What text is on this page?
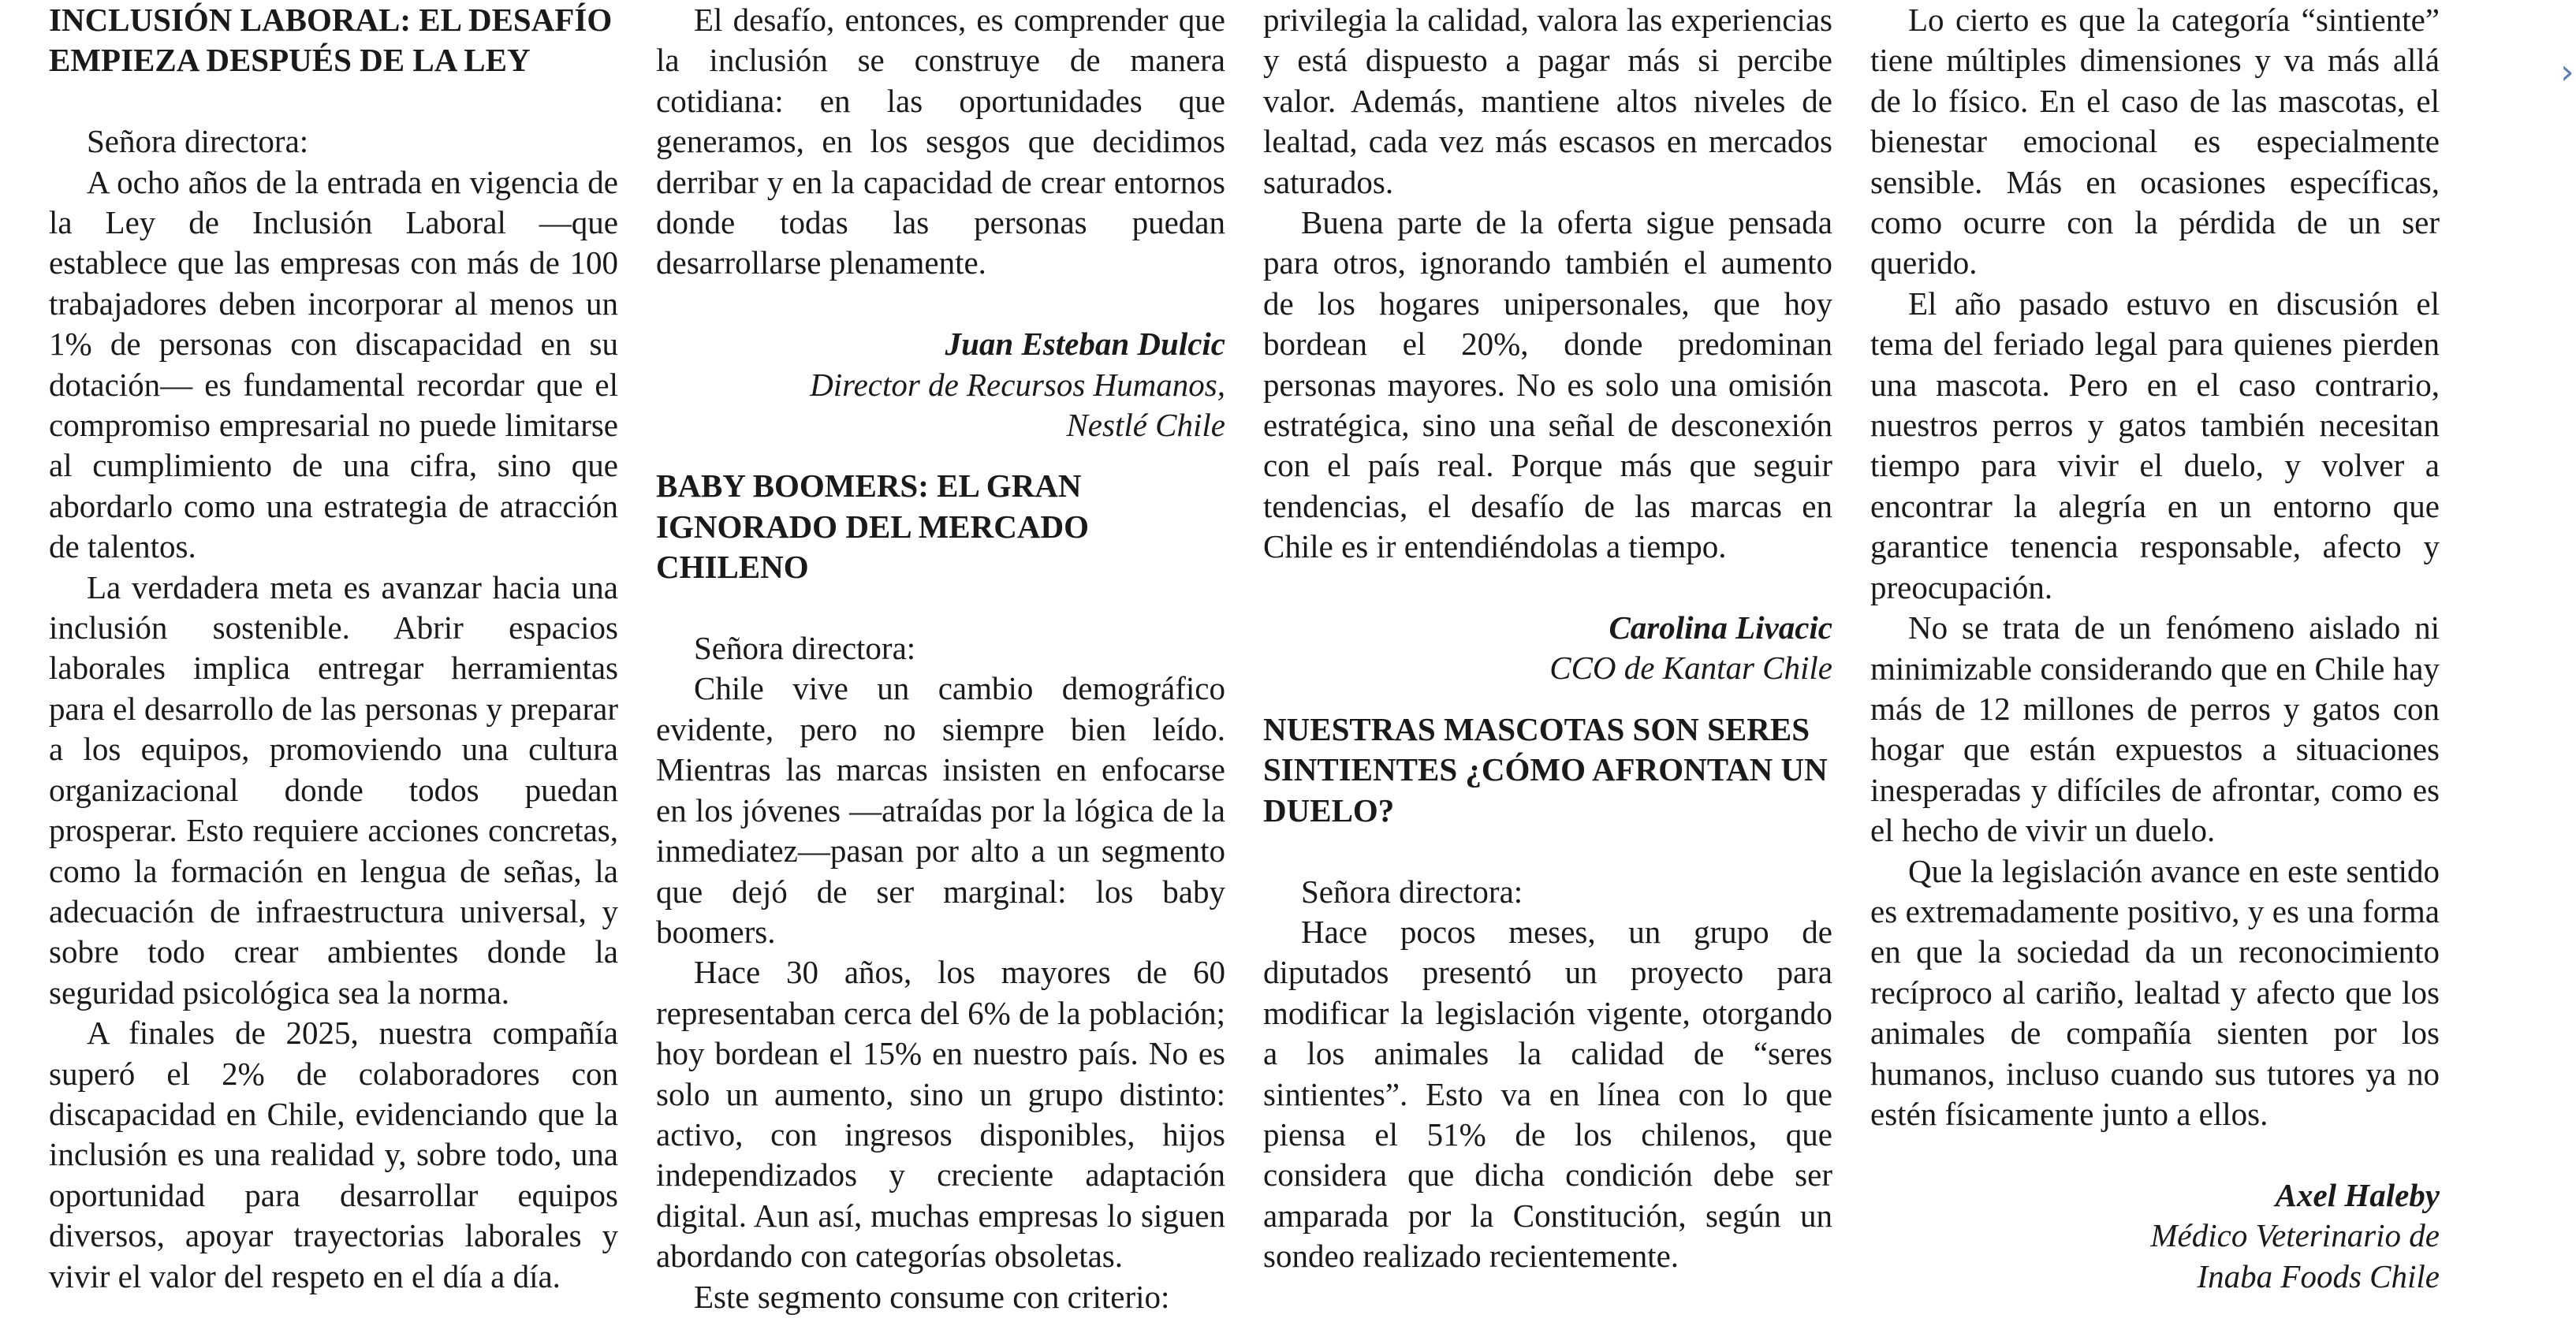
INCLUSIÓN LABORAL: EL DESAFÍO
EMPIEZA DESPUÉS DE LA LEY
Señora directora:

A ocho años de la entrada en vigencia de la Ley de Inclusión Laboral —que establece que las empresas con más de 100 trabajadores deben incorporar al menos un 1% de personas con discapacidad en su dotación— es fundamental recordar que el compromiso empresarial no puede limitarse al cumplimiento de una cifra, sino que abordarlo como una estrategia de atracción de talentos.

La verdadera meta es avanzar hacia una inclusión sostenible. Abrir espacios laborales implica entregar herramientas para el desarrollo de las personas y preparar a los equipos, promoviendo una cultura organizacional donde todos puedan prosperar. Esto requiere acciones concretas, como la formación en lengua de señas, la adecuación de infraestructura universal, y sobre todo crear ambientes donde la seguridad psicológica sea la norma.

A finales de 2025, nuestra compañía superó el 2% de colaboradores con discapacidad en Chile, evidenciando que la inclusión es una realidad y, sobre todo, una oportunidad para desarrollar equipos diversos, apoyar trayectorias laborales y vivir el valor del respeto en el día a día.

El desafío, entonces, es comprender que la inclusión se construye de manera cotidiana: en las oportunidades que generamos, en los sesgos que decidimos derribar y en la capacidad de crear entornos donde todas las personas puedan desarrollarse plenamente.

Juan Esteban Dulcic
Director de Recursos Humanos,
Nestlé Chile
BABY BOOMERS: EL GRAN
IGNORADO DEL MERCADO
CHILENO
Señora directora:

Chile vive un cambio demográfico evidente, pero no siempre bien leído. Mientras las marcas insisten en enfocarse en los jóvenes —atraídas por la lógica de la inmediatez—pasan por alto a un segmento que dejó de ser marginal: los baby boomers.

Hace 30 años, los mayores de 60 representaban cerca del 6% de la población; hoy bordean el 15% en nuestro país. No es solo un aumento, sino un grupo distinto: activo, con ingresos disponibles, hijos independizados y creciente adaptación digital. Aun así, muchas empresas lo siguen abordando con categorías obsoletas.

Este segmento consume con criterio:

privilegia la calidad, valora las experiencias y está dispuesto a pagar más si percibe valor. Además, mantiene altos niveles de lealtad, cada vez más escasos en mercados saturados.

Buena parte de la oferta sigue pensada para otros, ignorando también el aumento de los hogares unipersonales, que hoy bordean el 20%, donde predominan personas mayores. No es solo una omisión estratégica, sino una señal de desconexión con el país real. Porque más que seguir tendencias, el desafío de las marcas en Chile es ir entendiéndolas a tiempo.

Carolina Livacic
CCO de Kantar Chile
NUESTRAS MASCOTAS SON SERES
SINTIENTES ¿CÓMO AFRONTAN UN
DUELO?
Señora directora:

Hace pocos meses, un grupo de diputados presentó un proyecto para modificar la legislación vigente, otorgando a los animales la calidad de “seres sintientes”. Esto va en línea con lo que piensa el 51% de los chilenos, que considera que dicha condición debe ser amparada por la Constitución, según un sondeo realizado recientemente.

Lo cierto es que la categoría “sintiente” tiene múltiples dimensiones y va más allá de lo físico. En el caso de las mascotas, el bienestar emocional es especialmente sensible. Más en ocasiones específicas, como ocurre con la pérdida de un ser querido.

El año pasado estuvo en discusión el tema del feriado legal para quienes pierden una mascota. Pero en el caso contrario, nuestros perros y gatos también necesitan tiempo para vivir el duelo, y volver a encontrar la alegría en un entorno que garantice tenencia responsable, afecto y preocupación.

No se trata de un fenómeno aislado ni minimizable considerando que en Chile hay más de 12 millones de perros y gatos con hogar que están expuestos a situaciones inesperadas y difíciles de afrontar, como es el hecho de vivir un duelo.

Que la legislación avance en este sentido es extremadamente positivo, y es una forma en que la sociedad da un reconocimiento recíproco al cariño, lealtad y afecto que los animales de compañía sienten por los humanos, incluso cuando sus tutores ya no estén físicamente junto a ellos.

Axel Haleby
Médico Veterinario de
Inaba Foods Chile
›
